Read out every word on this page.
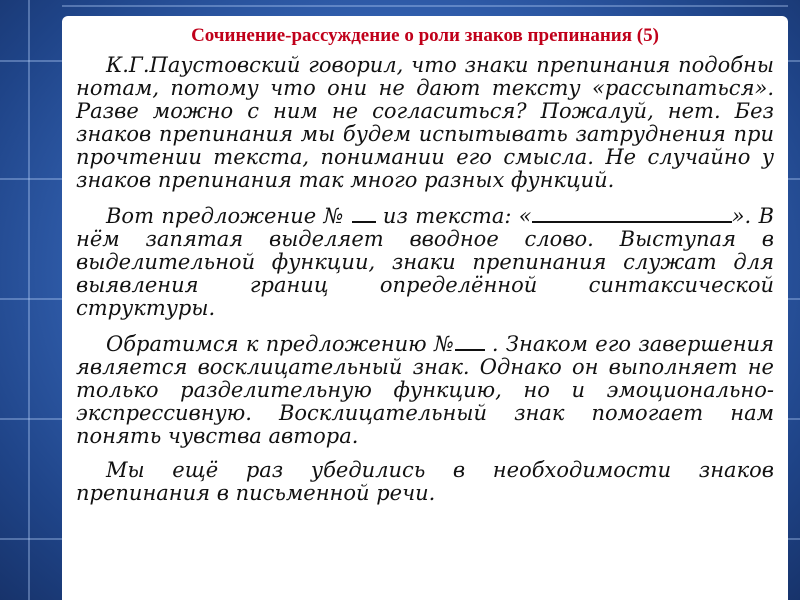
Сочинение-рассуждение о роли знаков препинания (5)

К.Г.Паустовский говорил, что знаки препинания подобны нотам, потому что они не дают тексту «рассыпаться». Разве можно с ним не согласиться? Пожалуй, нет. Без знаков препинания мы будем испытывать затруднения при прочтении текста, понимании его смысла. Не случайно у знаков препинания так много разных функций.

Вот предложение № из текста: «	». В нём запятая выделяет вводное слово. Выступая в выделительной функции, знаки препинания служат для выявления границ определённой синтаксической структуры.

Обратимся к предложению № . Знаком его завершения является восклицательный знак. Однако он выполняет не только разделительную функцию, но и эмоционально-экспрессивную. Восклицательный знак помогает нам понять чувства автора.

Мы ещё раз убедились в необходимости знаков препинания в письменной речи.
